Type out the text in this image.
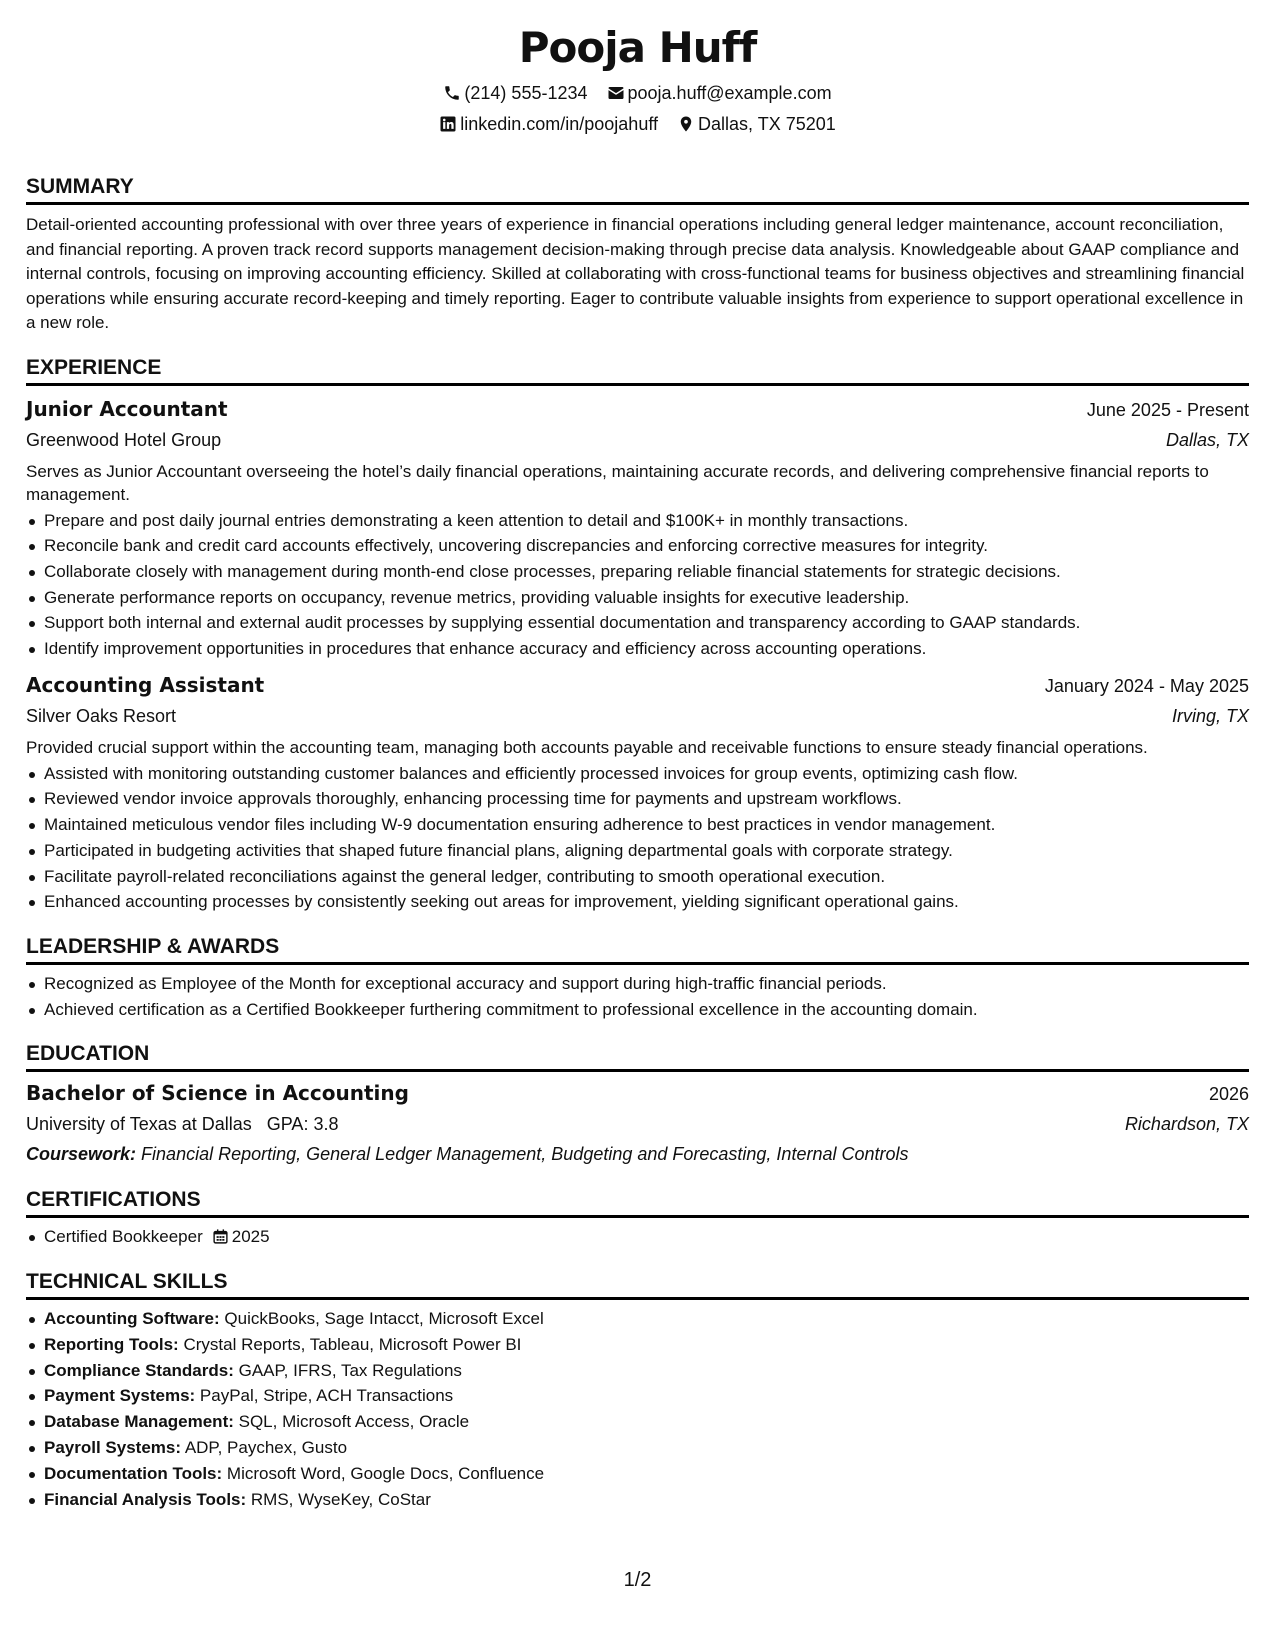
Pooja Huff
(214) 555-1234 pooja.huff@example.com
linkedin.com/in/poojahuff Dallas, TX 75201
SUMMARY
Detail-oriented accounting professional with over three years of experience in financial operations including general ledger maintenance, account reconciliation, and financial reporting. A proven track record supports management decision-making through precise data analysis. Knowledgeable about GAAP compliance and internal controls, focusing on improving accounting efficiency. Skilled at collaborating with cross-functional teams for business objectives and streamlining financial operations while ensuring accurate record-keeping and timely reporting. Eager to contribute valuable insights from experience to support operational excellence in a new role.
EXPERIENCE
Junior Accountant	June 2025 - Present
Greenwood Hotel Group	Dallas, TX
Serves as Junior Accountant overseeing the hotel’s daily financial operations, maintaining accurate records, and delivering comprehensive financial reports to management.
Prepare and post daily journal entries demonstrating a keen attention to detail and $100K+ in monthly transactions.
Reconcile bank and credit card accounts effectively, uncovering discrepancies and enforcing corrective measures for integrity.
Collaborate closely with management during month-end close processes, preparing reliable financial statements for strategic decisions.
Generate performance reports on occupancy, revenue metrics, providing valuable insights for executive leadership.
Support both internal and external audit processes by supplying essential documentation and transparency according to GAAP standards.
Identify improvement opportunities in procedures that enhance accuracy and efficiency across accounting operations.
Accounting Assistant	January 2024 - May 2025
Silver Oaks Resort	Irving, TX
Provided crucial support within the accounting team, managing both accounts payable and receivable functions to ensure steady financial operations.
Assisted with monitoring outstanding customer balances and efficiently processed invoices for group events, optimizing cash flow.
Reviewed vendor invoice approvals thoroughly, enhancing processing time for payments and upstream workflows.
Maintained meticulous vendor files including W-9 documentation ensuring adherence to best practices in vendor management.
Participated in budgeting activities that shaped future financial plans, aligning departmental goals with corporate strategy.
Facilitate payroll-related reconciliations against the general ledger, contributing to smooth operational execution.
Enhanced accounting processes by consistently seeking out areas for improvement, yielding significant operational gains.
LEADERSHIP & AWARDS
Recognized as Employee of the Month for exceptional accuracy and support during high-traffic financial periods.
Achieved certification as a Certified Bookkeeper furthering commitment to professional excellence in the accounting domain.
EDUCATION
Bachelor of Science in Accounting	2026
University of Texas at Dallas GPA: 3.8	Richardson, TX
Coursework: Financial Reporting, General Ledger Management, Budgeting and Forecasting, Internal Controls
CERTIFICATIONS
Certified Bookkeeper 2025
TECHNICAL SKILLS
Accounting Software: QuickBooks, Sage Intacct, Microsoft Excel
Reporting Tools: Crystal Reports, Tableau, Microsoft Power BI
Compliance Standards: GAAP, IFRS, Tax Regulations
Payment Systems: PayPal, Stripe, ACH Transactions
Database Management: SQL, Microsoft Access, Oracle
Payroll Systems: ADP, Paychex, Gusto
Documentation Tools: Microsoft Word, Google Docs, Confluence
Financial Analysis Tools: RMS, WyseKey, CoStar
1/2
